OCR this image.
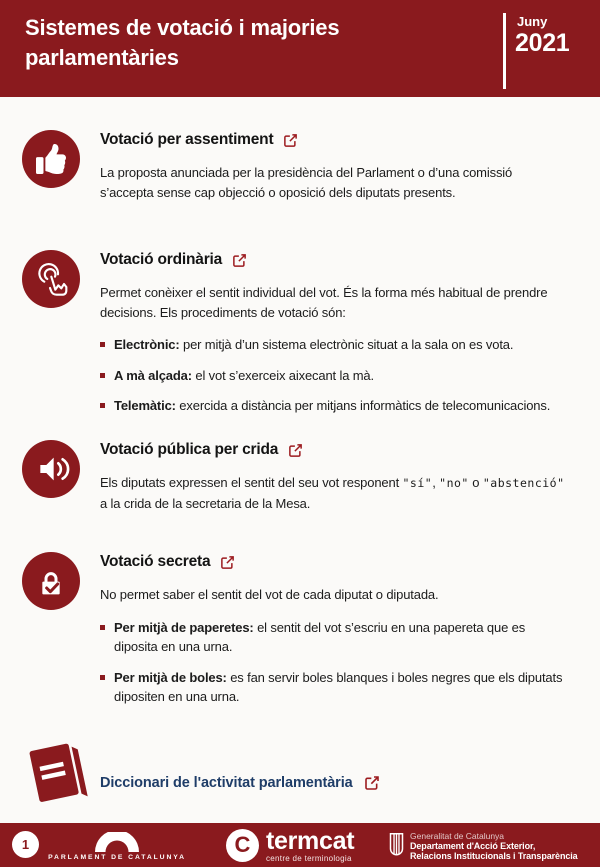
Sistemes de votació i majories parlamentàries
Juny
2021
Votació per assentiment

La proposta anunciada per la presidència del Parlament o d’una comissió s’accepta sense cap objecció o oposició dels diputats presents.

Votació ordinària

Permet conèixer el sentit individual del vot. És la forma més habitual de prendre decisions. Els procediments de votació són:

Electrònic: per mitjà d’un sistema electrònic situat a la sala on es vota.
A mà alçada: el vot s’exerceix aixecant la mà.
Telemàtic: exercida a distància per mitjans informàtics de telecomunicacions.
Votació pública per crida

Els diputats expressen el sentit del seu vot responent "sí", "no" o "abstenció" a la crida de la secretaria de la Mesa.

Votació secreta

No permet saber el sentit del vot de cada diputat o diputada.

Per mitjà de paperetes: el sentit del vot s’escriu en una papereta que es diposita en una urna.
Per mitjà de boles: es fan servir boles blanques i boles negres que els diputats dipositen en una urna.
Diccionari de l'activitat parlamentària
1
PARLAMENT DE CATALUNYA
C termcat
centre de terminologia
Generalitat de Catalunya
Departament d'Acció Exterior,
Relacions Institucionals i Transparència
